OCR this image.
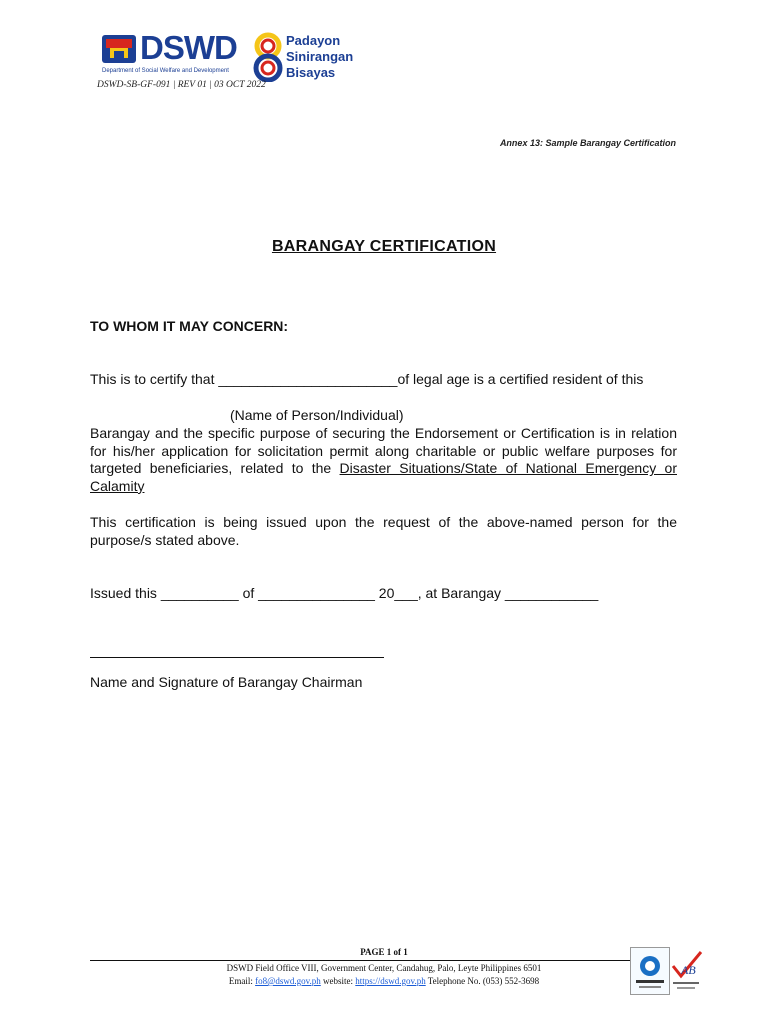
DSWD
Department of Social Welfare and Development
Padayon
Sinirangan
Bisayas
DSWD-SB-GF-091 | REV 01 | 03 OCT 2022
Annex 13: Sample Barangay Certification
BARANGAY CERTIFICATION
TO WHOM IT MAY CONCERN:
This is to certify that _______________________of legal age is a certified resident of this
(Name of Person/Individual)
Barangay and the specific purpose of securing the Endorsement or Certification is in relation for his/her application for solicitation permit along charitable or public welfare purposes for targeted beneficiaries, related to the Disaster Situations/State of National Emergency or Calamity
This certification is being issued upon the request of the above-named person for the purpose/s stated above.
Issued this __________ of _______________ 20___, at Barangay ____________
Name and Signature of Barangay Chairman
PAGE 1 of 1
DSWD Field Office VIII, Government Center, Candahug, Palo, Leyte Philippines 6501
Email: fo8@dswd.gov.ph website: https://dswd.gov.ph Telephone No. (053) 552-3698
AB
